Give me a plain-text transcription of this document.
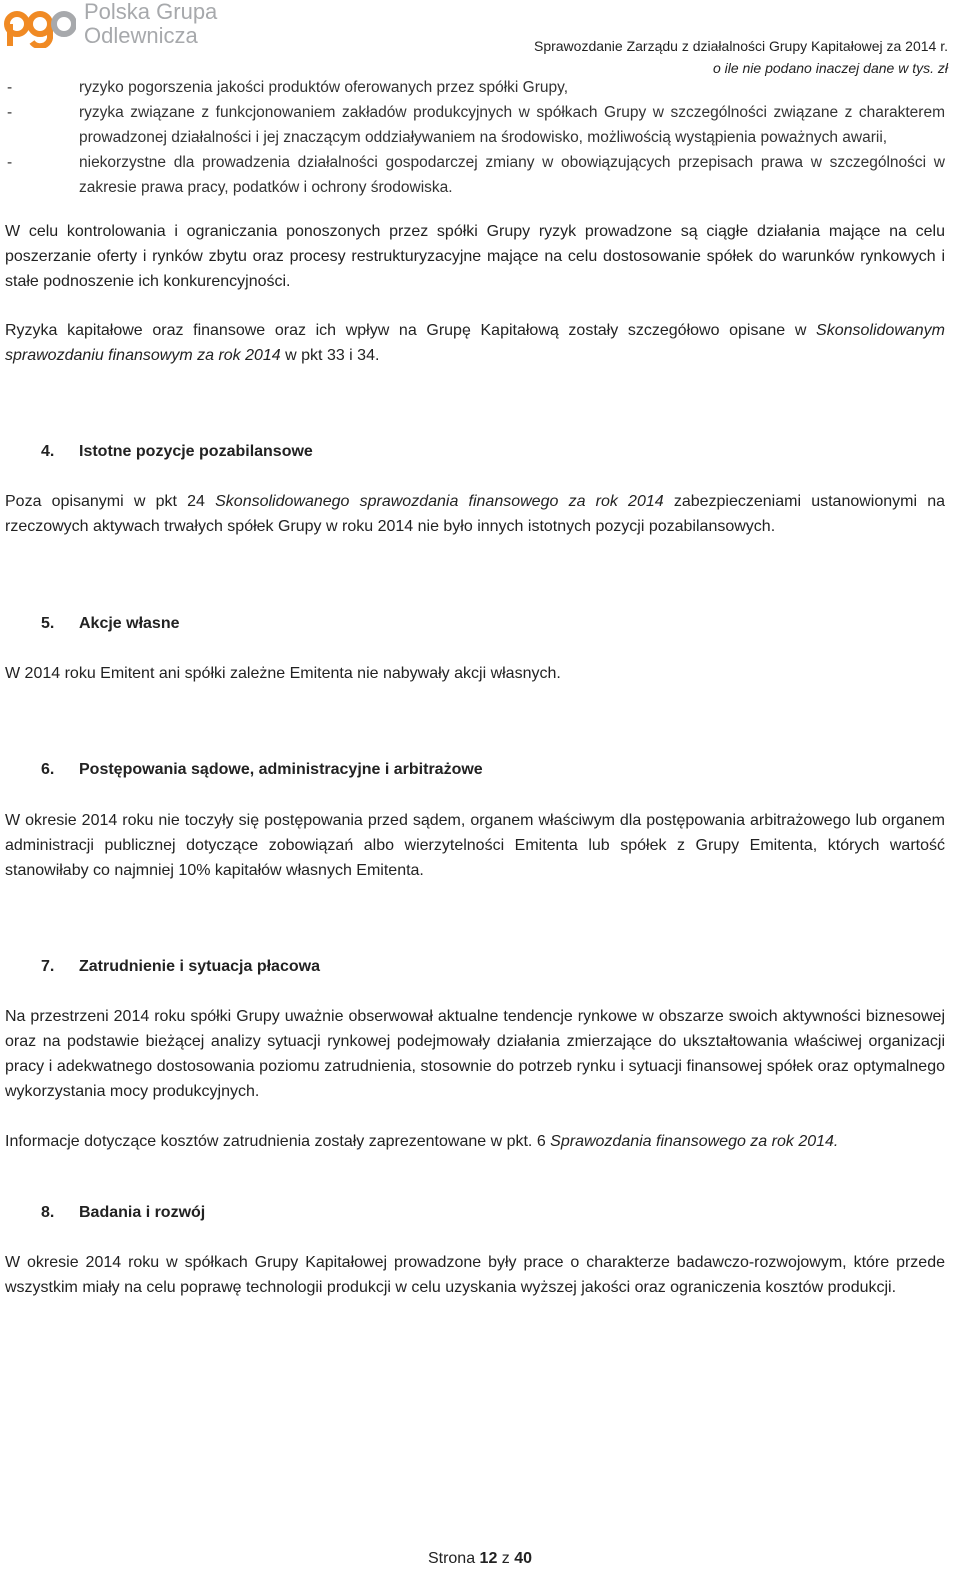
Polska Grupa
Odlewnicza	Sprawozdanie Zarządu z działalności Grupy Kapitałowej za 2014 r.
o ile nie podano inaczej dane w tys. zł
-	ryzyko pogorszenia jakości produktów oferowanych przez spółki Grupy,
-	ryzyka związane z funkcjonowaniem zakładów produkcyjnych w spółkach Grupy w szczególności związane z charakterem prowadzonej działalności i jej znaczącym oddziaływaniem na środowisko, możliwością wystąpienia poważnych awarii,
-	niekorzystne dla prowadzenia działalności gospodarczej zmiany w obowiązujących przepisach prawa w szczególności w zakresie prawa pracy, podatków i ochrony środowiska.

W celu kontrolowania i ograniczania ponoszonych przez spółki Grupy ryzyk prowadzone są ciągłe działania mające na celu poszerzanie oferty i rynków zbytu oraz procesy restrukturyzacyjne mające na celu dostosowanie spółek do warunków rynkowych i stałe podnoszenie ich konkurencyjności.

Ryzyka kapitałowe oraz finansowe oraz ich wpływ na Grupę Kapitałową zostały szczegółowo opisane w Skonsolidowanym sprawozdaniu finansowym za rok 2014 w pkt 33 i 34.

4. Istotne pozycje pozabilansowe

Poza opisanymi w pkt 24 Skonsolidowanego sprawozdania finansowego za rok 2014 zabezpieczeniami ustanowionymi na rzeczowych aktywach trwałych spółek Grupy w roku 2014 nie było innych istotnych pozycji pozabilansowych.

5. Akcje własne

W 2014 roku Emitent ani spółki zależne Emitenta nie nabywały akcji własnych.

6. Postępowania sądowe, administracyjne i arbitrażowe

W okresie 2014 roku nie toczyły się postępowania przed sądem, organem właściwym dla postępowania arbitrażowego lub organem administracji publicznej dotyczące zobowiązań albo wierzytelności Emitenta lub spółek z Grupy Emitenta, których wartość stanowiłaby co najmniej 10% kapitałów własnych Emitenta.

7. Zatrudnienie i sytuacja płacowa

Na przestrzeni 2014 roku spółki Grupy uważnie obserwował aktualne tendencje rynkowe w obszarze swoich aktywności biznesowej oraz na podstawie bieżącej analizy sytuacji rynkowej podejmowały działania zmierzające do ukształtowania właściwej organizacji pracy i adekwatnego dostosowania poziomu zatrudnienia, stosownie do potrzeb rynku i sytuacji finansowej spółek oraz optymalnego wykorzystania mocy produkcyjnych.

Informacje dotyczące kosztów zatrudnienia zostały zaprezentowane w pkt. 6 Sprawozdania finansowego za rok 2014.

8. Badania i rozwój

W okresie 2014 roku w spółkach Grupy Kapitałowej prowadzone były prace o charakterze badawczo-rozwojowym, które przede wszystkim miały na celu poprawę technologii produkcji w celu uzyskania wyższej jakości oraz ograniczenia kosztów produkcji.

Strona 12 z 40
